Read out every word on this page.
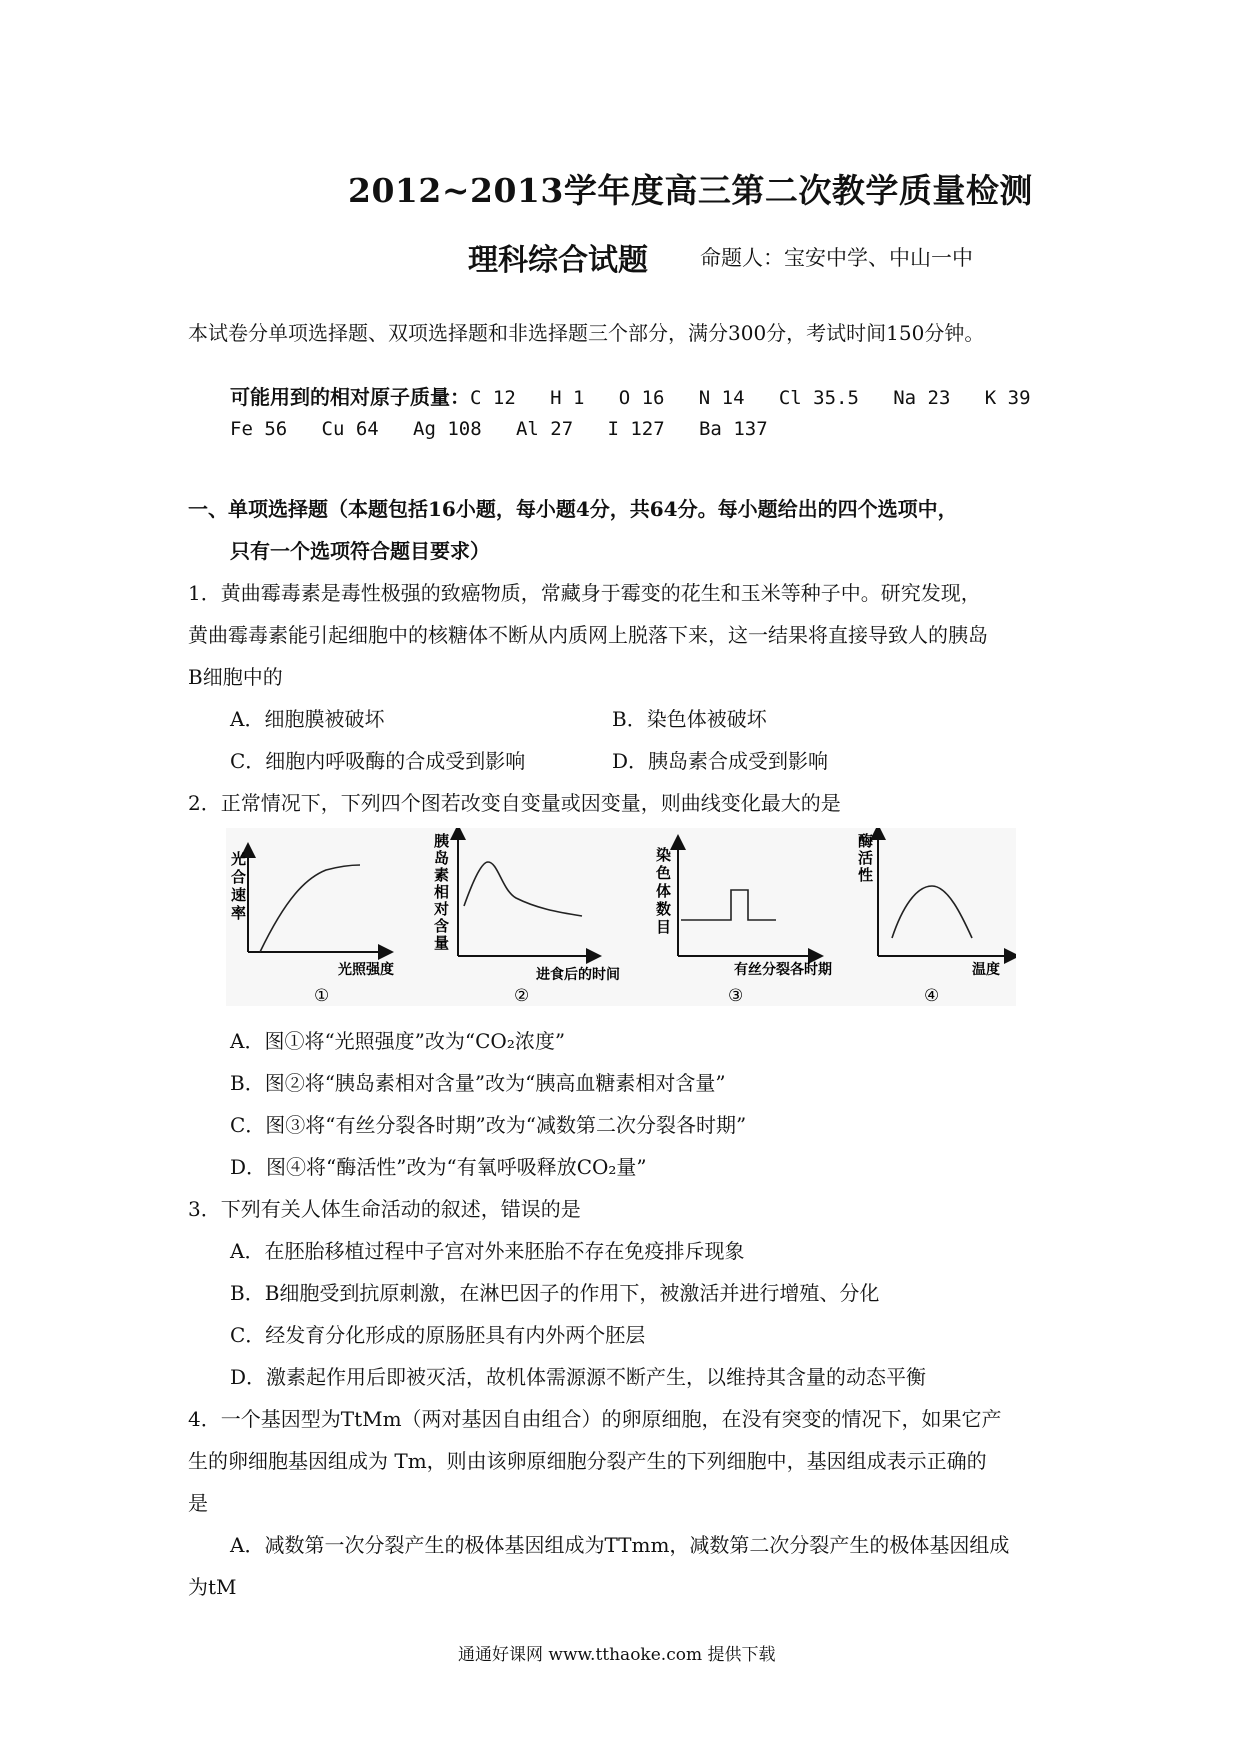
2012~2013学年度高三第二次教学质量检测
理科综合试题 命题人：宝安中学、中山一中
本试卷分单项选择题、双项选择题和非选择题三个部分，满分300分，考试时间150分钟。
可能用到的相对原子质量：C 12   H 1   O 16   N 14   Cl 35.5   Na 23   K 39
Fe 56   Cu 64   Ag 108   Al 27   I 127   Ba 137
一、单项选择题（本题包括16小题，每小题4分，共64分。每小题给出的四个选项中，
只有一个选项符合题目要求）
1．黄曲霉毒素是毒性极强的致癌物质，常藏身于霉变的花生和玉米等种子中。研究发现，
黄曲霉毒素能引起细胞中的核糖体不断从内质网上脱落下来，这一结果将直接导致人的胰岛
B细胞中的
A．细胞膜被破坏	B．染色体被破坏
C．细胞内呼吸酶的合成受到影响	D．胰岛素合成受到影响
2．正常情况下，下列四个图若改变自变量或因变量，则曲线变化最大的是
光
合
速
率
光照强度
①
胰
岛
素
相
对
含
量
进食后的时间
②
染
色
体
数
目
有丝分裂各时期
③
酶
活
性
温度
④
A．图①将“光照强度”改为“CO₂浓度”
B．图②将“胰岛素相对含量”改为“胰高血糖素相对含量”
C．图③将“有丝分裂各时期”改为“减数第二次分裂各时期”
D．图④将“酶活性”改为“有氧呼吸释放CO₂量”
3．下列有关人体生命活动的叙述，错误的是
A．在胚胎移植过程中子宫对外来胚胎不存在免疫排斥现象
B．B细胞受到抗原刺激，在淋巴因子的作用下，被激活并进行增殖、分化
C．经发育分化形成的原肠胚具有内外两个胚层
D．激素起作用后即被灭活，故机体需源源不断产生，以维持其含量的动态平衡
4．一个基因型为TtMm（两对基因自由组合）的卵原细胞，在没有突变的情况下，如果它产
生的卵细胞基因组成为 Tm，则由该卵原细胞分裂产生的下列细胞中，基因组成表示正确的
是
A．减数第一次分裂产生的极体基因组成为TTmm，减数第二次分裂产生的极体基因组成
为tM
通通好课网 www.tthaoke.com 提供下载
